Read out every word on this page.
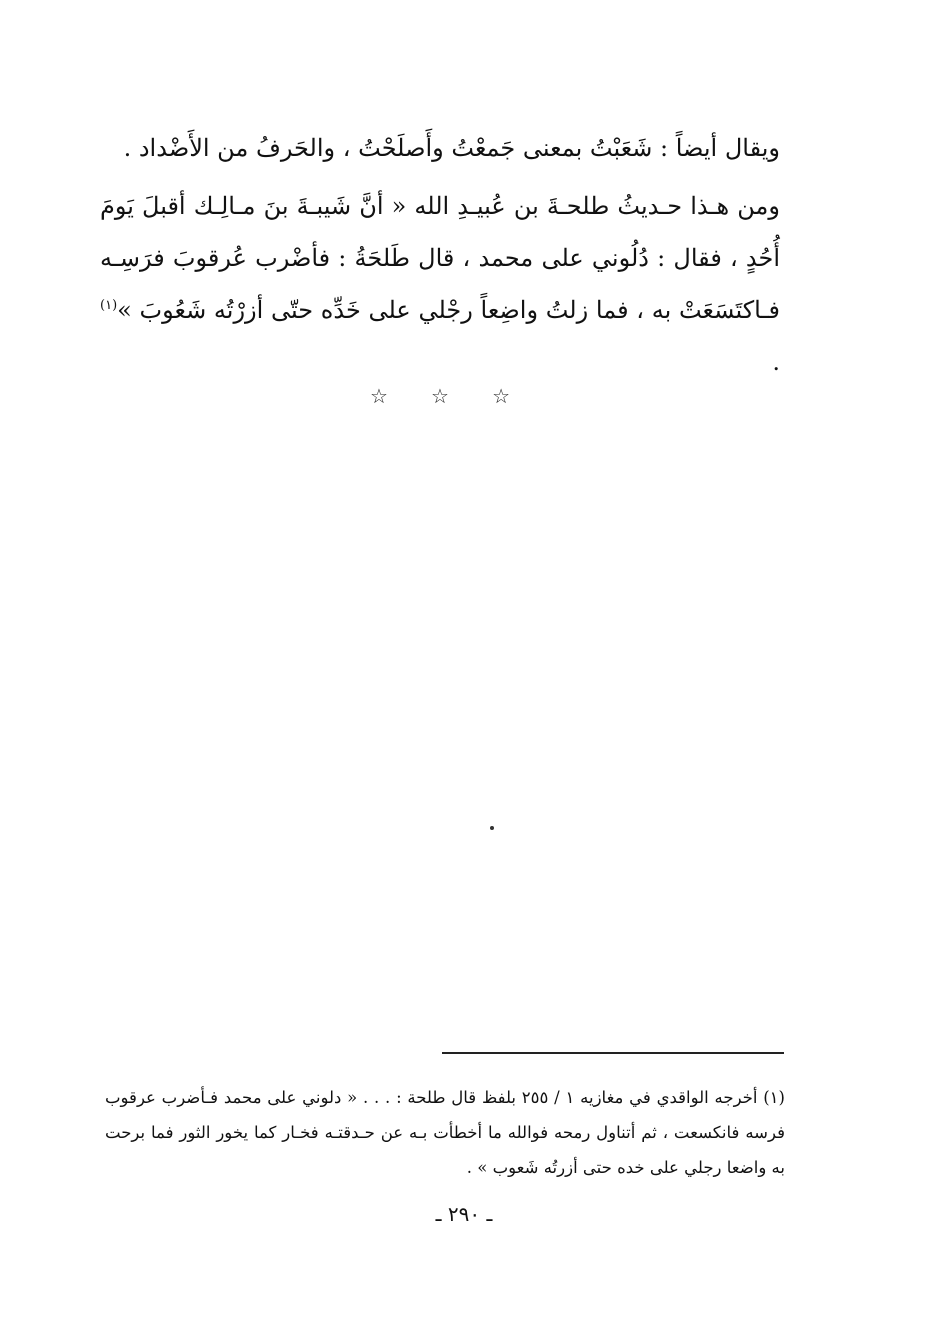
ويقال أيضاً : شَعَبْتُ بمعنى جَمعْتُ وأَصلَحْتُ ، والحَرفُ من الأَضْداد .

ومن هـذا حـديثُ طلحـةَ بن عُبيـدِ الله « أنَّ شَيبـةَ بنَ مـالِـك أقبلَ يَومَ أُحُدٍ ، فقال : دُلُوني على محمد ، قال طَلحَةُ : فأضْرب عُرقوبَ فرَسِـه فـاكتَسَعَتْ به ، فما زلتُ واضِعاً رجْلي على خَدِّه حتّى أزرْتُه شَعُوبَ »$^{(١)}$ .

☆
☆
☆

(١) أخرجه الواقدي في مغازيه ١ / ٢٥٥ بلفظ قال طلحة : . . . « دلوني على محمد فـأضرب عرقوب فرسه فانكسعت ، ثم أتناول رمحه فوالله ما أخطأت بـه عن حـدقتـه فخـار كما يخور الثور فما برحت به واضعا رجلي على خده حتى أزرتُه شَعوب » .

ـ ٢٩٠ ـ
